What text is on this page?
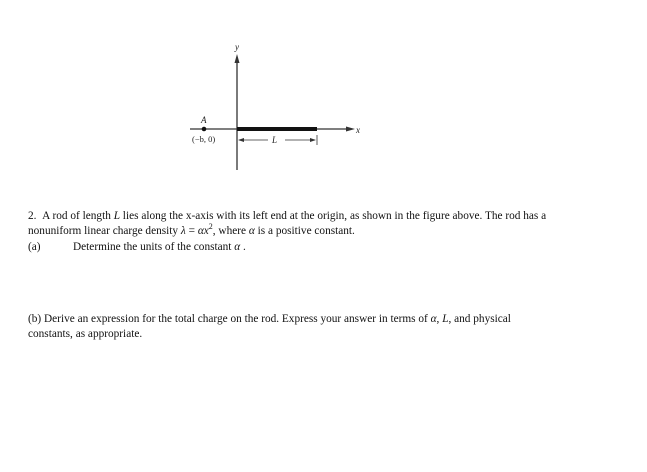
y
x
A
(−b, 0)	L
2. A rod of length L lies along the x-axis with its left end at the origin, as shown in the figure above. The rod has a
nonuniform linear charge density $\lambda = \alpha x^2$, where α is a positive constant.
(a)	Determine the units of the constant α .
(b) Derive an expression for the total charge on the rod. Express your answer in terms of α, L, and physical
constants, as appropriate.
